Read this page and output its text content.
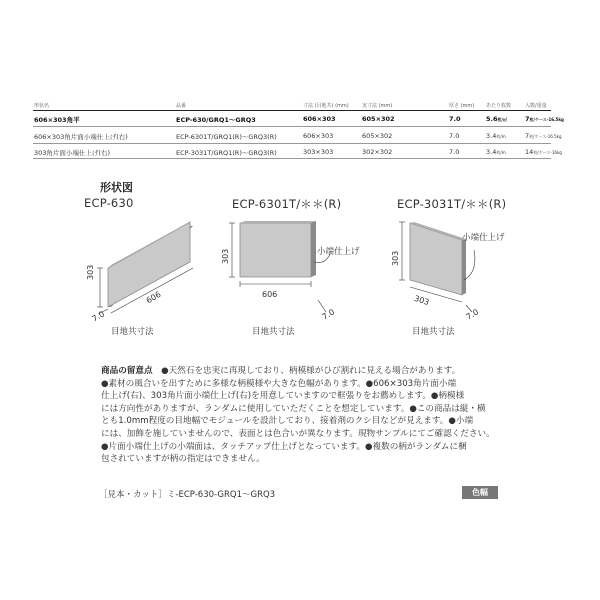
形状名	品番	寸法 (目地共) (mm)	実寸法 (mm)	厚さ (mm) あたり枚数	入数/重量
606×303角平	ECP-630/GRQ1～GRQ3	606×303	605×302	7.0	5.6枚/㎡	7枚/ケース-16.5kg
606×303角片面小端仕上げ(右)	ECP-6301T/GRQ1(R)～GRQ3(R)	606×303	605×302	7.0	3.4枚/m	7枚/ケース-16.5kg
303角片面小端仕上げ(右)	ECP-3031T/GRQ1(R)～GRQ3(R)	303×303	302×302	7.0	3.4枚/m	14枚/ケース-16kg
形状図
ECP-630	ECP-6301T/＊＊(R)	ECP-3031T/＊＊(R)
303
606
7.0
目地共寸法
303
606
7.0
小端仕上げ
目地共寸法
303
303
7.0
小端仕上げ
目地共寸法
商品の留意点　●天然石を忠実に再現しており、柄模様がひび割れに見える場合があります。
●素材の風合いを出すために多様な柄模様や大きな色幅があります。●606×303角片面小端
仕上げ(右)、303角片面小端仕上げ(右)を用意していますので框張りをお薦めします。●柄模様
には方向性がありますが、ランダムに使用していただくことを想定しています。●この商品は縦・横
とも1.0mm程度の目地幅でモジュールを設計しており、接着剤のクシ目などが見えます。●小端
には、加飾を施していませんので、表面とは色合いが異なります。現物サンプルにてご確認ください。
●片面小端仕上げの小端面は、タッチアップ仕上げとなっています。●複数の柄がランダムに梱
包されていますが柄の指定はできません。
［見本・カット］ミ-ECP-630-GRQ1～GRQ3	色幅
